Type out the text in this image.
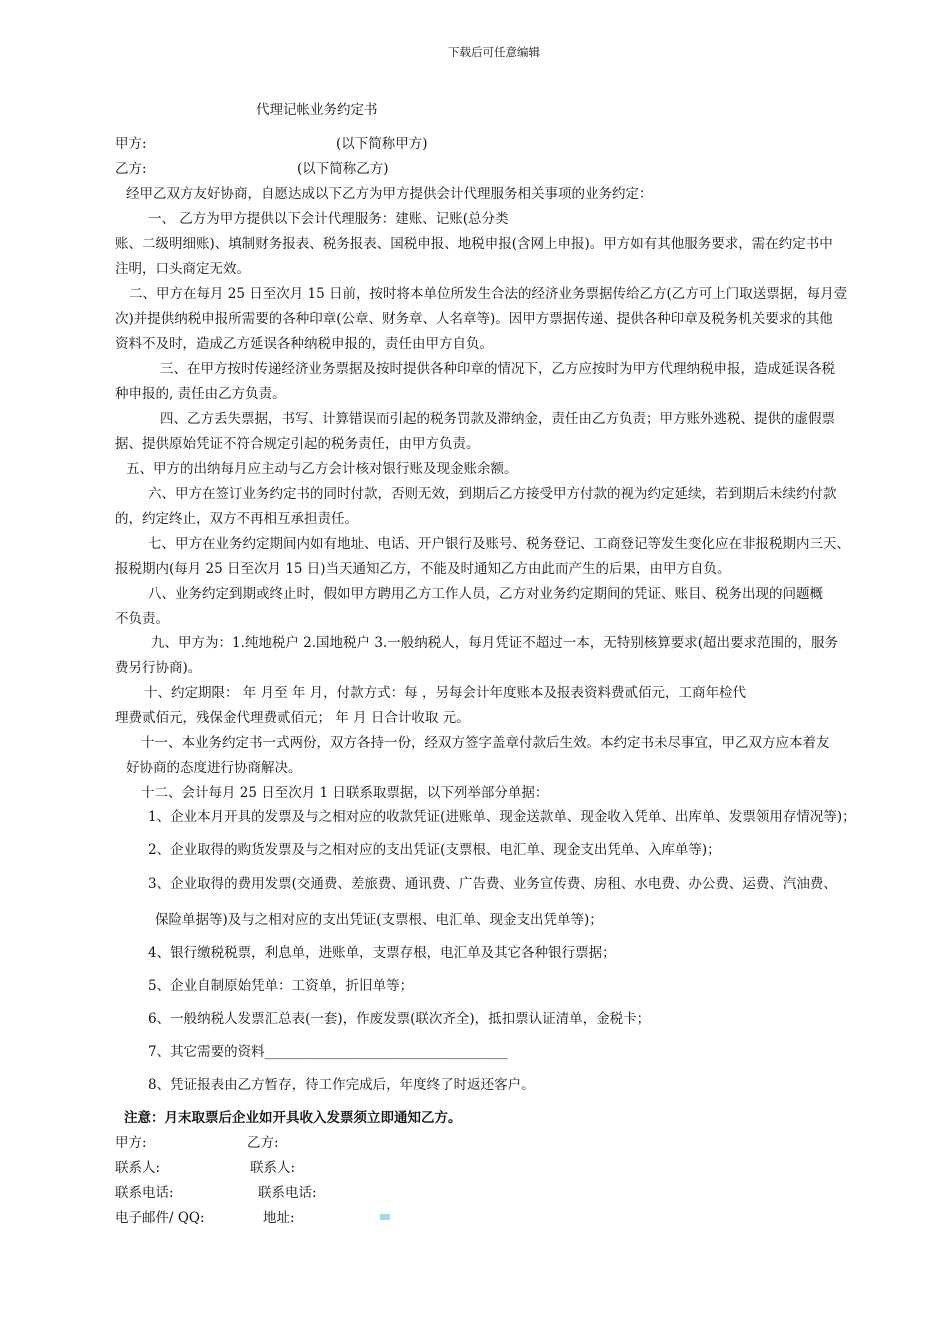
下载后可任意编辑
代理记帐业务约定书
甲方:	(以下简称甲方)
乙方:	(以下简称乙方)
经甲乙双方友好协商，自愿达成以下乙方为甲方提供会计代理服务相关事项的业务约定：
一、 乙方为甲方提供以下会计代理服务：建账、记账(总分类
账、二级明细账)、填制财务报表、税务报表、国税申报、地税申报(含网上申报)。甲方如有其他服务要求，需在约定书中
注明，口头商定无效。
二、甲方在每月 25 日至次月 15 日前，按时将本单位所发生合法的经济业务票据传给乙方(乙方可上门取送票据，每月壹
次)并提供纳税申报所需要的各种印章(公章、财务章、人名章等)。因甲方票据传递、提供各种印章及税务机关要求的其他
资料不及时，造成乙方延误各种纳税申报的，责任由甲方自负。
三、在甲方按时传递经济业务票据及按时提供各种印章的情况下，乙方应按时为甲方代理纳税申报，造成延误各税
种申报的, 责任由乙方负责。
四、乙方丢失票据，书写、计算错误而引起的税务罚款及滞纳金，责任由乙方负责；甲方账外逃税、提供的虚假票
据、提供原始凭证不符合规定引起的税务责任，由甲方负责。
五、甲方的出纳每月应主动与乙方会计核对银行账及现金账余额。
六、甲方在签订业务约定书的同时付款，否则无效，到期后乙方接受甲方付款的视为约定延续，若到期后未续约付款
的，约定终止，双方不再相互承担责任。
七、甲方在业务约定期间内如有地址、电话、开户银行及账号、税务登记、工商登记等发生变化应在非报税期内三天、
报税期内(每月 25 日至次月 15 日)当天通知乙方，不能及时通知乙方由此而产生的后果，由甲方自负。
八、业务约定到期或终止时，假如甲方聘用乙方工作人员，乙方对业务约定期间的凭证、账目、税务出现的问题概
不负责。
九、甲方为：1.纯地税户 2.国地税户 3.一般纳税人，每月凭证不超过一本，无特别核算要求(超出要求范围的，服务
费另行协商)。
十、约定期限： 年 月至 年 月，付款方式：每 ，另每会计年度账本及报表资料费贰佰元，工商年检代
理费贰佰元，残保金代理费贰佰元； 年 月 日合计收取 元。
十一、本业务约定书一式两份，双方各持一份，经双方签字盖章付款后生效。本约定书未尽事宜，甲乙双方应本着友
好协商的态度进行协商解决。
十二、会计每月 25 日至次月 1 日联系取票据，以下列举部分单据：
1、企业本月开具的发票及与之相对应的收款凭证(进账单、现金送款单、现金收入凭单、出库单、发票领用存情况等)；
2、企业取得的购货发票及与之相对应的支出凭证(支票根、电汇单、现金支出凭单、入库单等)；
3、企业取得的费用发票(交通费、差旅费、通讯费、广告费、业务宣传费、房租、水电费、办公费、运费、汽油费、
保险单据等)及与之相对应的支出凭证(支票根、电汇单、现金支出凭单等)；
4、银行缴税税票，利息单，进账单，支票存根，电汇单及其它各种银行票据；
5、企业自制原始凭单：工资单，折旧单等；
6、一般纳税人发票汇总表(一套)，作废发票(联次齐全)，抵扣票认证清单，金税卡；
7、其它需要的资料____________________________________
8、凭证报表由乙方暂存，待工作完成后，年度终了时返还客户。
注意：月末取票后企业如开具收入发票须立即通知乙方。
甲方:	乙方:
联系人:	联系人:
联系电话:	联系电话:
电子邮件/ QQ:	地址:
